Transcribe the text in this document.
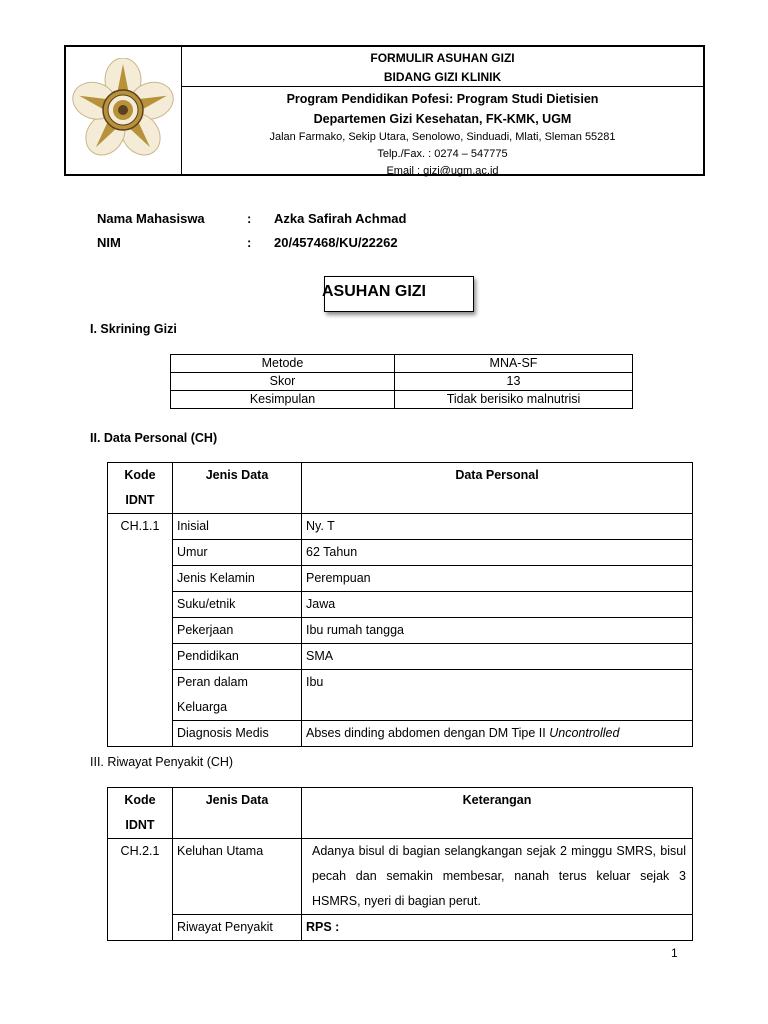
FORMULIR ASUHAN GIZI
BIDANG GIZI KLINIK
Program Pendidikan Pofesi: Program Studi Dietisien
Departemen Gizi Kesehatan, FK-KMK, UGM
Jalan Farmako, Sekip Utara, Senolowo, Sinduadi, Mlati, Sleman 55281
Telp./Fax. : 0274 – 547775
Email : gizi@ugm.ac.id
Nama Mahasiswa	: Azka Safirah Achmad
NIM	: 20/457468/KU/22262
ASUHAN GIZI
I. Skrining Gizi
Metode	MNA-SF
Skor	13
Kesimpulan	Tidak berisiko malnutrisi
II. Data Personal (CH)
Kode
IDNT	Jenis Data	Data Personal
CH.1.1	Inisial	Ny. T
	Umur	62 Tahun
	Jenis Kelamin	Perempuan
	Suku/etnik	Jawa
	Pekerjaan	Ibu rumah tangga
	Pendidikan	SMA

	Peran dalam
Keluarga	Ibu
	Diagnosis Medis	Abses dinding abdomen dengan DM Tipe II Uncontrolled
III. Riwayat Penyakit (CH)
Kode
IDNT	Jenis Data	Keterangan
CH.2.1	Keluhan Utama	Adanya bisul di bagian selangkangan sejak 2 minggu SMRS, bisul pecah dan semakin membesar, nanah terus keluar sejak 3 HSMRS, nyeri di bagian perut.
	Riwayat Penyakit	RPS :
1
